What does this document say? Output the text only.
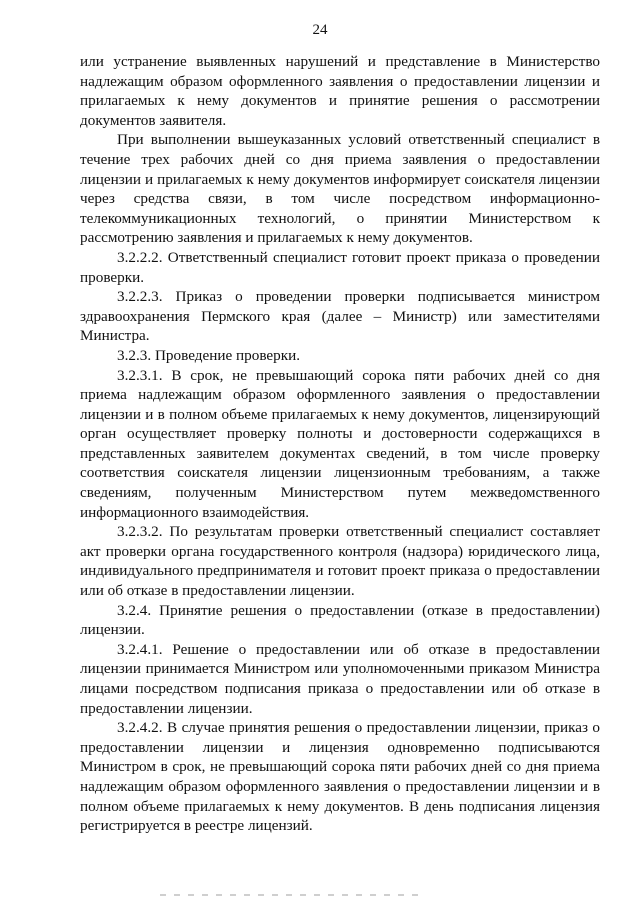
24

или устранение выявленных нарушений и представление в Министерство надлежащим образом оформленного заявления о предоставлении лицензии и прилагаемых к нему документов и принятие решения о рассмотрении документов заявителя.

При выполнении вышеуказанных условий ответственный специалист в течение трех рабочих дней со дня приема заявления о предоставлении лицензии и прилагаемых к нему документов информирует соискателя лицензии через средства связи, в том числе посредством информационно-телекоммуникационных технологий, о принятии Министерством к рассмотрению заявления и прилагаемых к нему документов.

3.2.2.2. Ответственный специалист готовит проект приказа о проведении проверки.

3.2.2.3. Приказ о проведении проверки подписывается министром здравоохранения Пермского края (далее – Министр) или заместителями Министра.

3.2.3. Проведение проверки.

3.2.3.1. В срок, не превышающий сорока пяти рабочих дней со дня приема надлежащим образом оформленного заявления о предоставлении лицензии и в полном объеме прилагаемых к нему документов, лицензирующий орган осуществляет проверку полноты и достоверности содержащихся в представленных заявителем документах сведений, в том числе проверку соответствия соискателя лицензии лицензионным требованиям, а также сведениям, полученным Министерством путем межведомственного информационного взаимодействия.

3.2.3.2. По результатам проверки ответственный специалист составляет акт проверки органа государственного контроля (надзора) юридического лица, индивидуального предпринимателя и готовит проект приказа о предоставлении или об отказе в предоставлении лицензии.

3.2.4. Принятие решения о предоставлении (отказе в предоставлении) лицензии.

3.2.4.1. Решение о предоставлении или об отказе в предоставлении лицензии принимается Министром или уполномоченными приказом Министра лицами посредством подписания приказа о предоставлении или об отказе в предоставлении лицензии.

3.2.4.2. В случае принятия решения о предоставлении лицензии, приказ о предоставлении лицензии и лицензия одновременно подписываются Министром в срок, не превышающий сорока пяти рабочих дней со дня приема надлежащим образом оформленного заявления о предоставлении лицензии и в полном объеме прилагаемых к нему документов. В день подписания лицензия регистрируется в реестре лицензий.
